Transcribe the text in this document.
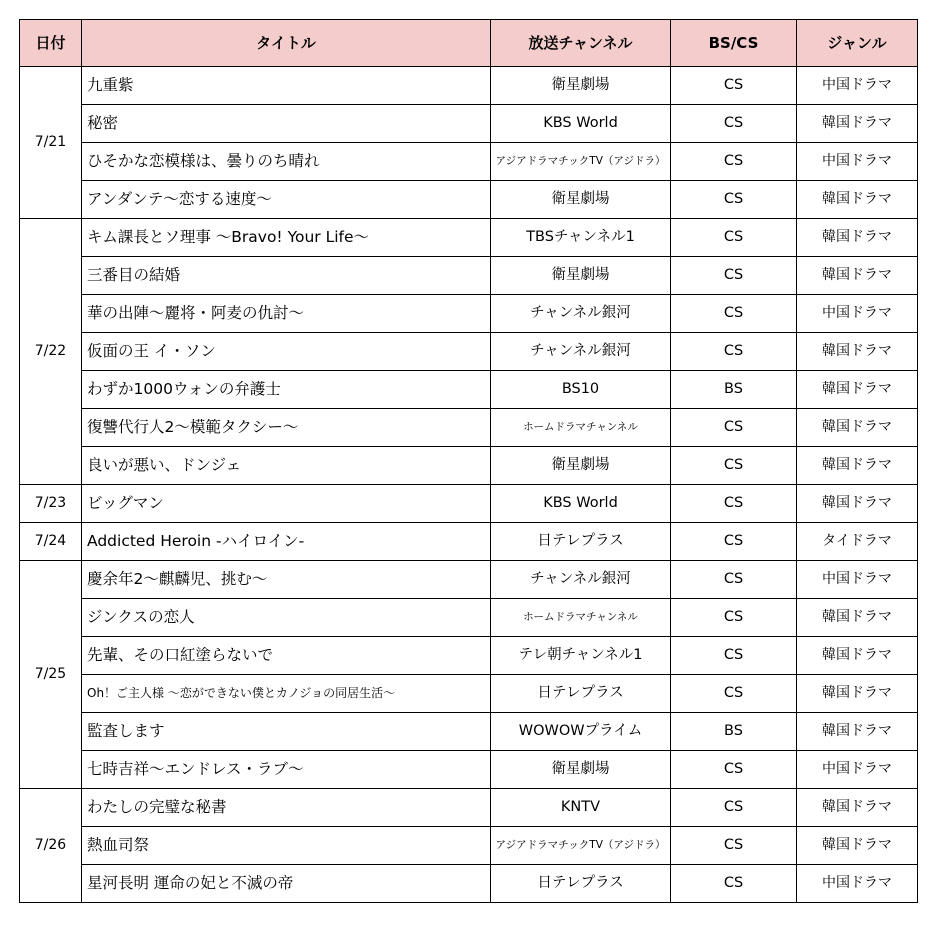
日付	タイトル	放送チャンネル	BS/CS	ジャンル
7/21	九重紫	衛星劇場	CS	中国ドラマ
	秘密	KBS World	CS	韓国ドラマ
	ひそかな恋模様は、曇りのち晴れ	アジアドラマチックTV（アジドラ）	CS	中国ドラマ
	アンダンテ～恋する速度～	衛星劇場	CS	韓国ドラマ
7/22	キム課長とソ理事 ～Bravo! Your Life～	TBSチャンネル1	CS	韓国ドラマ
	三番目の結婚	衛星劇場	CS	韓国ドラマ
	華の出陣～麗将・阿麦の仇討～	チャンネル銀河	CS	中国ドラマ
	仮面の王 イ・ソン	チャンネル銀河	CS	韓国ドラマ
	わずか1000ウォンの弁護士	BS10	BS	韓国ドラマ
	復讐代行人2～模範タクシー～	ホームドラマチャンネル	CS	韓国ドラマ
	良いが悪い、ドンジェ	衛星劇場	CS	韓国ドラマ
7/23	ビッグマン	KBS World	CS	韓国ドラマ
7/24	Addicted Heroin -ハイロイン-	日テレプラス	CS	タイドラマ
7/25	慶余年2～麒麟児、挑む～	チャンネル銀河	CS	中国ドラマ
	ジンクスの恋人	ホームドラマチャンネル	CS	韓国ドラマ
	先輩、その口紅塗らないで	テレ朝チャンネル1	CS	韓国ドラマ
	Oh！ご主人様 ～恋ができない僕とカノジョの同居生活～	日テレプラス	CS	韓国ドラマ
	監査します	WOWOWプライム	BS	韓国ドラマ
	七時吉祥～エンドレス・ラブ～	衛星劇場	CS	中国ドラマ
7/26	わたしの完璧な秘書	KNTV	CS	韓国ドラマ
	熱血司祭	アジアドラマチックTV（アジドラ）	CS	韓国ドラマ
	星河長明 運命の妃と不滅の帝	日テレプラス	CS	中国ドラマ
